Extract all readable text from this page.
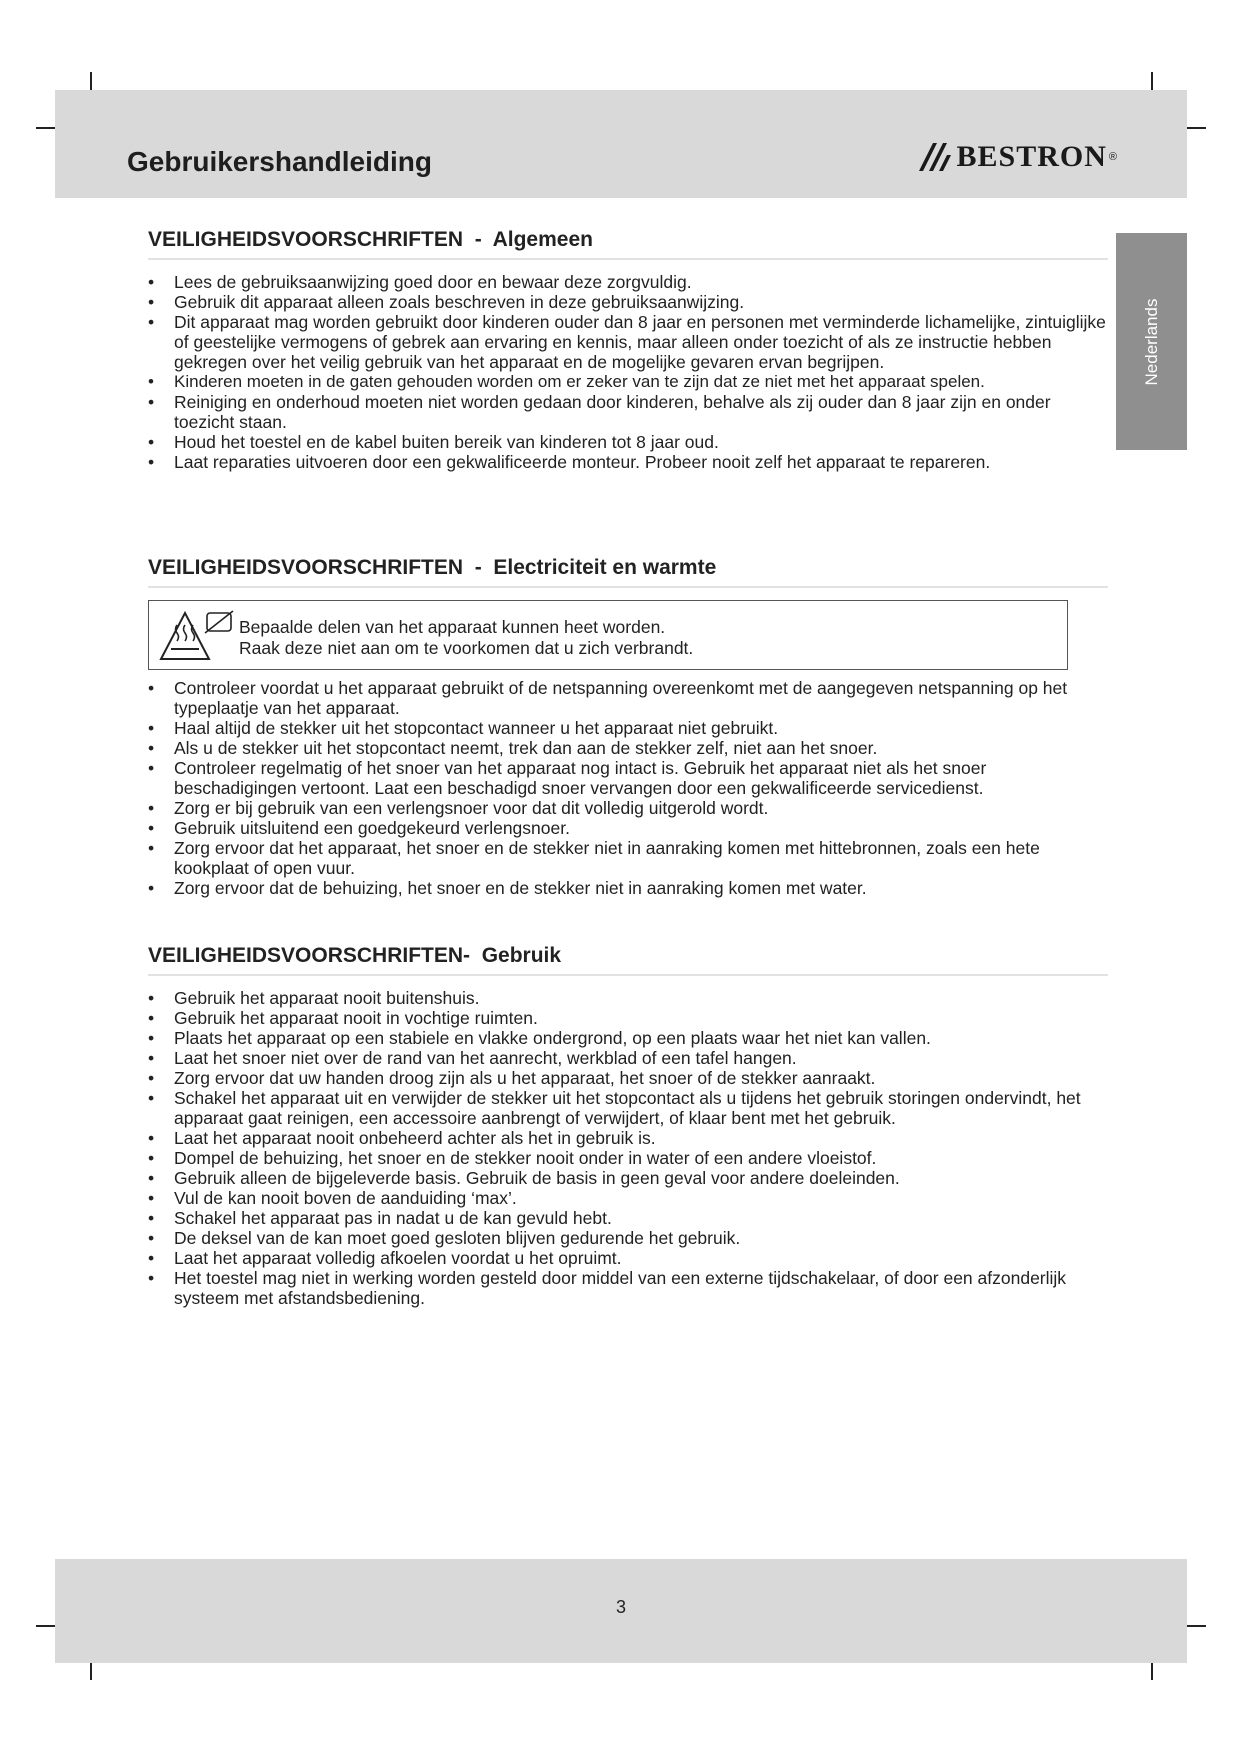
Gebruikershandleiding	BESTRON ®
Nederlands
VEILIGHEIDSVOORSCHRIFTEN  -  Algemeen
• Lees de gebruiksaanwijzing goed door en bewaar deze zorgvuldig.
• Gebruik dit apparaat alleen zoals beschreven in deze gebruiksaanwijzing.
• Dit apparaat mag worden gebruikt door kinderen ouder dan 8 jaar en personen met verminderde lichamelijke, zintuiglijke of geestelijke vermogens of gebrek aan ervaring en kennis, maar alleen onder toezicht of als ze instructie hebben gekregen over het veilig gebruik van het apparaat en de mogelijke gevaren ervan begrijpen.
• Kinderen moeten in de gaten gehouden worden om er zeker van te zijn dat ze niet met het apparaat spelen.
• Reiniging en onderhoud moeten niet worden gedaan door kinderen, behalve als zij ouder dan 8 jaar zijn en onder toezicht staan.
• Houd het toestel en de kabel buiten bereik van kinderen tot 8 jaar oud.
• Laat reparaties uitvoeren door een gekwalificeerde monteur. Probeer nooit zelf het apparaat te repareren.
VEILIGHEIDSVOORSCHRIFTEN  -  Electriciteit en warmte
Bepaalde delen van het apparaat kunnen heet worden.
Raak deze niet aan om te voorkomen dat u zich verbrandt.
• Controleer voordat u het apparaat gebruikt of de netspanning overeenkomt met de aangegeven netspanning op het typeplaatje van het apparaat.
• Haal altijd de stekker uit het stopcontact wanneer u het apparaat niet gebruikt.
• Als u de stekker uit het stopcontact neemt, trek dan aan de stekker zelf, niet aan het snoer.
• Controleer regelmatig of het snoer van het apparaat nog intact is. Gebruik het apparaat niet als het snoer beschadigingen vertoont. Laat een beschadigd snoer vervangen door een gekwalificeerde servicedienst.
• Zorg er bij gebruik van een verlengsnoer voor dat dit volledig uitgerold wordt.
• Gebruik uitsluitend een goedgekeurd verlengsnoer.
• Zorg ervoor dat het apparaat, het snoer en de stekker niet in aanraking komen met hittebronnen, zoals een hete kookplaat of open vuur.
• Zorg ervoor dat de behuizing, het snoer en de stekker niet in aanraking komen met water.
VEILIGHEIDSVOORSCHRIFTEN-  Gebruik
• Gebruik het apparaat nooit buitenshuis.
• Gebruik het apparaat nooit in vochtige ruimten.
• Plaats het apparaat op een stabiele en vlakke ondergrond, op een plaats waar het niet kan vallen.
• Laat het snoer niet over de rand van het aanrecht, werkblad of een tafel hangen.
• Zorg ervoor dat uw handen droog zijn als u het apparaat, het snoer of de stekker aanraakt.
• Schakel het apparaat uit en verwijder de stekker uit het stopcontact als u tijdens het gebruik storingen ondervindt, het apparaat gaat reinigen, een accessoire aanbrengt of verwijdert, of klaar bent met het gebruik.
• Laat het apparaat nooit onbeheerd achter als het in gebruik is.
• Dompel de behuizing, het snoer en de stekker nooit onder in water of een andere vloeistof.
• Gebruik alleen de bijgeleverde basis. Gebruik de basis in geen geval voor andere doeleinden.
• Vul de kan nooit boven de aanduiding ‘max’.
• Schakel het apparaat pas in nadat u de kan gevuld hebt.
• De deksel van de kan moet goed gesloten blijven gedurende het gebruik.
• Laat het apparaat volledig afkoelen voordat u het opruimt.
• Het toestel mag niet in werking worden gesteld door middel van een externe tijdschakelaar, of door een afzonderlijk systeem met afstandsbediening.
3
